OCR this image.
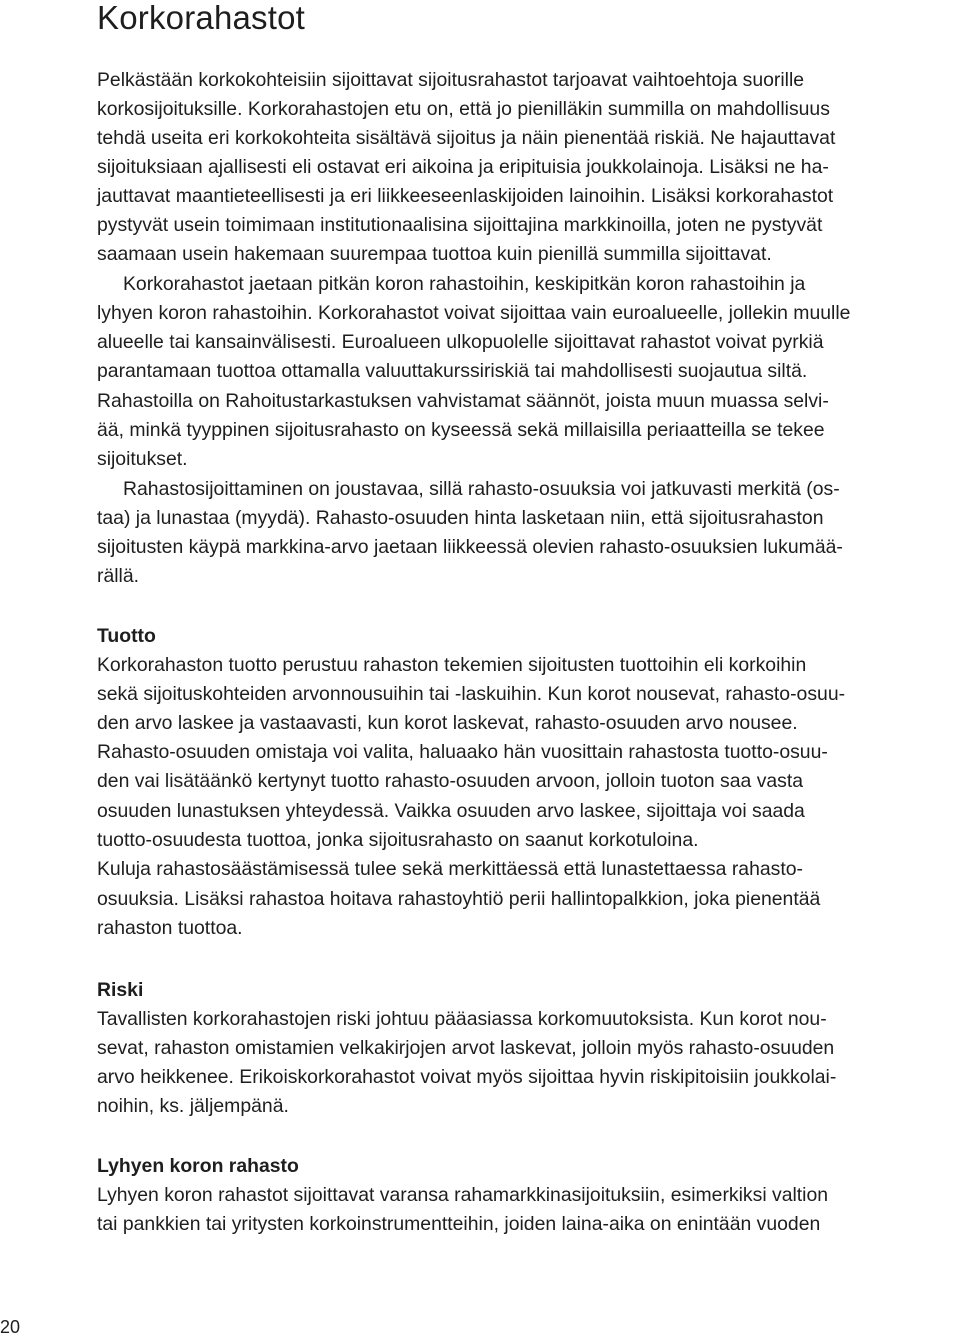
Korkorahastot
Pelkästään korkokohteisiin sijoittavat sijoitusrahastot tarjoavat vaihtoehtoja suorille
korkosijoituksille. Korkorahastojen etu on, että jo pienilläkin summilla on mahdollisuus
tehdä useita eri korkokohteita sisältävä sijoitus ja näin pienentää riskiä. Ne hajauttavat
sijoituksiaan ajallisesti eli ostavat eri aikoina ja eripituisia joukkolainoja. Lisäksi ne ha-
jauttavat maantieteellisesti ja eri liikkeeseenlaskijoiden lainoihin. Lisäksi korkorahastot
pystyvät usein toimimaan institutionaalisina sijoittajina markkinoilla, joten ne pystyvät
saamaan usein hakemaan suurempaa tuottoa kuin pienillä summilla sijoittavat.
Korkorahastot jaetaan pitkän koron rahastoihin, keskipitkän koron rahastoihin ja
lyhyen koron rahastoihin. Korkorahastot voivat sijoittaa vain euroalueelle, jollekin muulle
alueelle tai kansainvälisesti. Euroalueen ulkopuolelle sijoittavat rahastot voivat pyrkiä
parantamaan tuottoa ottamalla valuuttakurssiriskiä tai mahdollisesti suojautua siltä.
Rahastoilla on Rahoitustarkastuksen vahvistamat säännöt, joista muun muassa selvi-
ää, minkä tyyppinen sijoitusrahasto on kyseessä sekä millaisilla periaatteilla se tekee
sijoitukset.
Rahastosijoittaminen on joustavaa, sillä rahasto-osuuksia voi jatkuvasti merkitä (os-
taa) ja lunastaa (myydä). Rahasto-osuuden hinta lasketaan niin, että sijoitusrahaston
sijoitusten käypä markkina-arvo jaetaan liikkeessä olevien rahasto-osuuksien lukumää-
rällä.
Tuotto
Korkorahaston tuotto perustuu rahaston tekemien sijoitusten tuottoihin eli korkoihin
sekä sijoituskohteiden arvonnousuihin tai -laskuihin. Kun korot nousevat, rahasto-osuu-
den arvo laskee ja vastaavasti, kun korot laskevat, rahasto-osuuden arvo nousee.
Rahasto-osuuden omistaja voi valita, haluaako hän vuosittain rahastosta tuotto-osuu-
den vai lisätäänkö kertynyt tuotto rahasto-osuuden arvoon, jolloin tuoton saa vasta
osuuden lunastuksen yhteydessä. Vaikka osuuden arvo laskee, sijoittaja voi saada
tuotto-osuudesta tuottoa, jonka sijoitusrahasto on saanut korkotuloina.
Kuluja rahastosäästämisessä tulee sekä merkittäessä että lunastettaessa rahasto-
osuuksia. Lisäksi rahastoa hoitava rahastoyhtiö perii hallintopalkkion, joka pienentää
rahaston tuottoa.
Riski
Tavallisten korkorahastojen riski johtuu pääasiassa korkomuutoksista. Kun korot nou-
sevat, rahaston omistamien velkakirjojen arvot laskevat, jolloin myös rahasto-osuuden
arvo heikkenee. Erikoiskorkorahastot voivat myös sijoittaa hyvin riskipitoisiin joukkolai-
noihin, ks. jäljempänä.
Lyhyen koron rahasto
Lyhyen koron rahastot sijoittavat varansa rahamarkkinasijoituksiin, esimerkiksi valtion
tai pankkien tai yritysten korkoinstrumentteihin, joiden laina-aika on enintään vuoden
20
